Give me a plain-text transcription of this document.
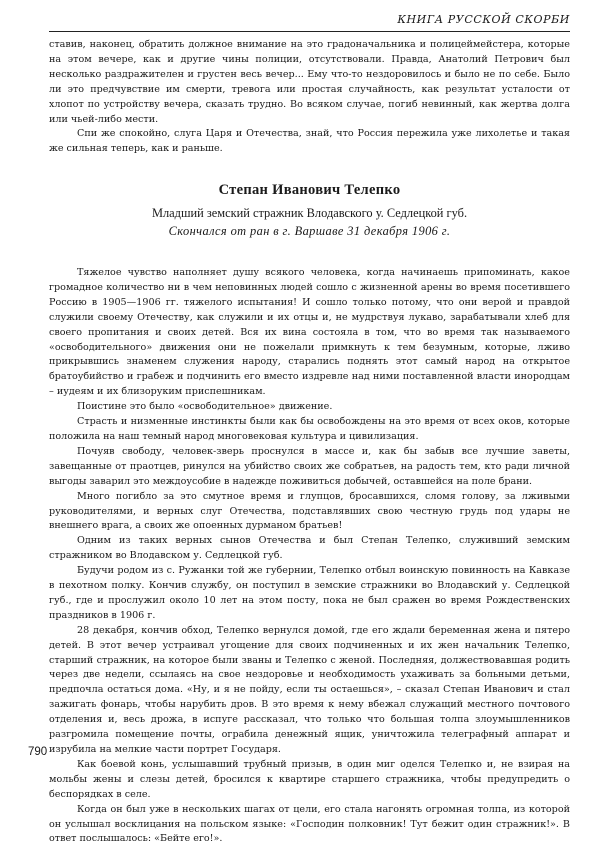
КНИГА РУССКОЙ СКОРБИ

ставив, наконец, обратить должное внимание на это градоначальника и полицеймейстера, которые на этом вечере, как и другие чины полиции, отсутствовали. Правда, Анатолий Петрович был несколько раздражителен и грустен весь вечер... Ему что-то нездоровилось и было не по себе. Было ли это предчувствие им смерти, тревога или простая случайность, как результат усталости от хлопот по устройству вечера, сказать трудно. Во всяком случае, погиб невинный, как жертва долга или чьей-либо мести.

Спи же спокойно, слуга Царя и Отечества, знай, что Россия пережила уже лихолетье и такая же сильная теперь, как и раньше.

Степан Иванович Телепко
Младший земский стражник Влодавского у. Седлецкой губ.
Скончался от ран в г. Варшаве 31 декабря 1906 г.

Тяжелое чувство наполняет душу всякого человека, когда начинаешь припоминать, какое громадное количество ни в чем неповинных людей сошло с жизненной арены во время посетившего Россию в 1905—1906 гг. тяжелого испытания! И сошло только потому, что они верой и правдой служили своему Отечеству, как служили и их отцы и, не мудрствуя лукаво, зарабатывали хлеб для своего пропитания и своих детей. Вся их вина состояла в том, что во время так называемого «освободительного» движения они не пожелали примкнуть к тем безумным, которые, лживо прикрывшись знаменем служения народу, старались поднять этот самый народ на открытое братоубийство и грабеж и подчинить его вместо издревле над ними поставленной власти инородцам – иудеям и их близоруким приспешникам.

Поистине это было «освободительное» движение.

Страсть и низменные инстинкты были как бы освобождены на это время от всех оков, которые положила на наш темный народ многовековая культура и цивилизация.

Почуяв свободу, человек-зверь проснулся в массе и, как бы забыв все лучшие заветы, завещанные от праотцев, ринулся на убийство своих же собратьев, на радость тем, кто ради личной выгоды заварил это междоусобие в надежде поживиться добычей, оставшейся на поле брани.

Много погибло за это смутное время и глупцов, бросавшихся, сломя голову, за лживыми руководителями, и верных слуг Отечества, подставлявших свою честную грудь под удары не внешнего врага, а своих же опоенных дурманом братьев!

Одним из таких верных сынов Отечества и был Степан Телепко, служивший земским стражником во Влодавском у. Седлецкой губ.

Будучи родом из с. Ружанки той же губернии, Телепко отбыл воинскую повинность на Кавказе в пехотном полку. Кончив службу, он поступил в земские стражники во Влодавский у. Седлецкой губ., где и прослужил около 10 лет на этом посту, пока не был сражен во время Рождественских праздников в 1906 г.

28 декабря, кончив обход, Телепко вернулся домой, где его ждали беременная жена и пятеро детей. В этот вечер устраивал угощение для своих подчиненных и их жен начальник Телепко, старший стражник, на которое были званы и Телепко с женой. Последняя, должествовавшая родить через две недели, ссылаясь на свое нездоровье и необходимость ухаживать за больными детьми, предпочла остаться дома. «Ну, и я не пойду, если ты остаешься», – сказал Степан Иванович и стал зажигать фонарь, чтобы нарубить дров. В это время к нему вбежал служащий местного почтового отделения и, весь дрожа, в испуге рассказал, что только что большая толпа злоумышленников разгромила помещение почты, ограбила денежный ящик, уничтожила телеграфный аппарат и изрубила на мелкие части портрет Государя.

Как боевой конь, услышавший трубный призыв, в один миг оделся Телепко и, не взирая на мольбы жены и слезы детей, бросился к квартире старшего стражника, чтобы предупредить о беспорядках в селе.

Когда он был уже в нескольких шагах от цели, его стала нагонять огромная толпа, из которой он услышал восклицания на польском языке: «Господин полковник! Тут бежит один стражник!». В ответ послышалось: «Бейте его!».

790
